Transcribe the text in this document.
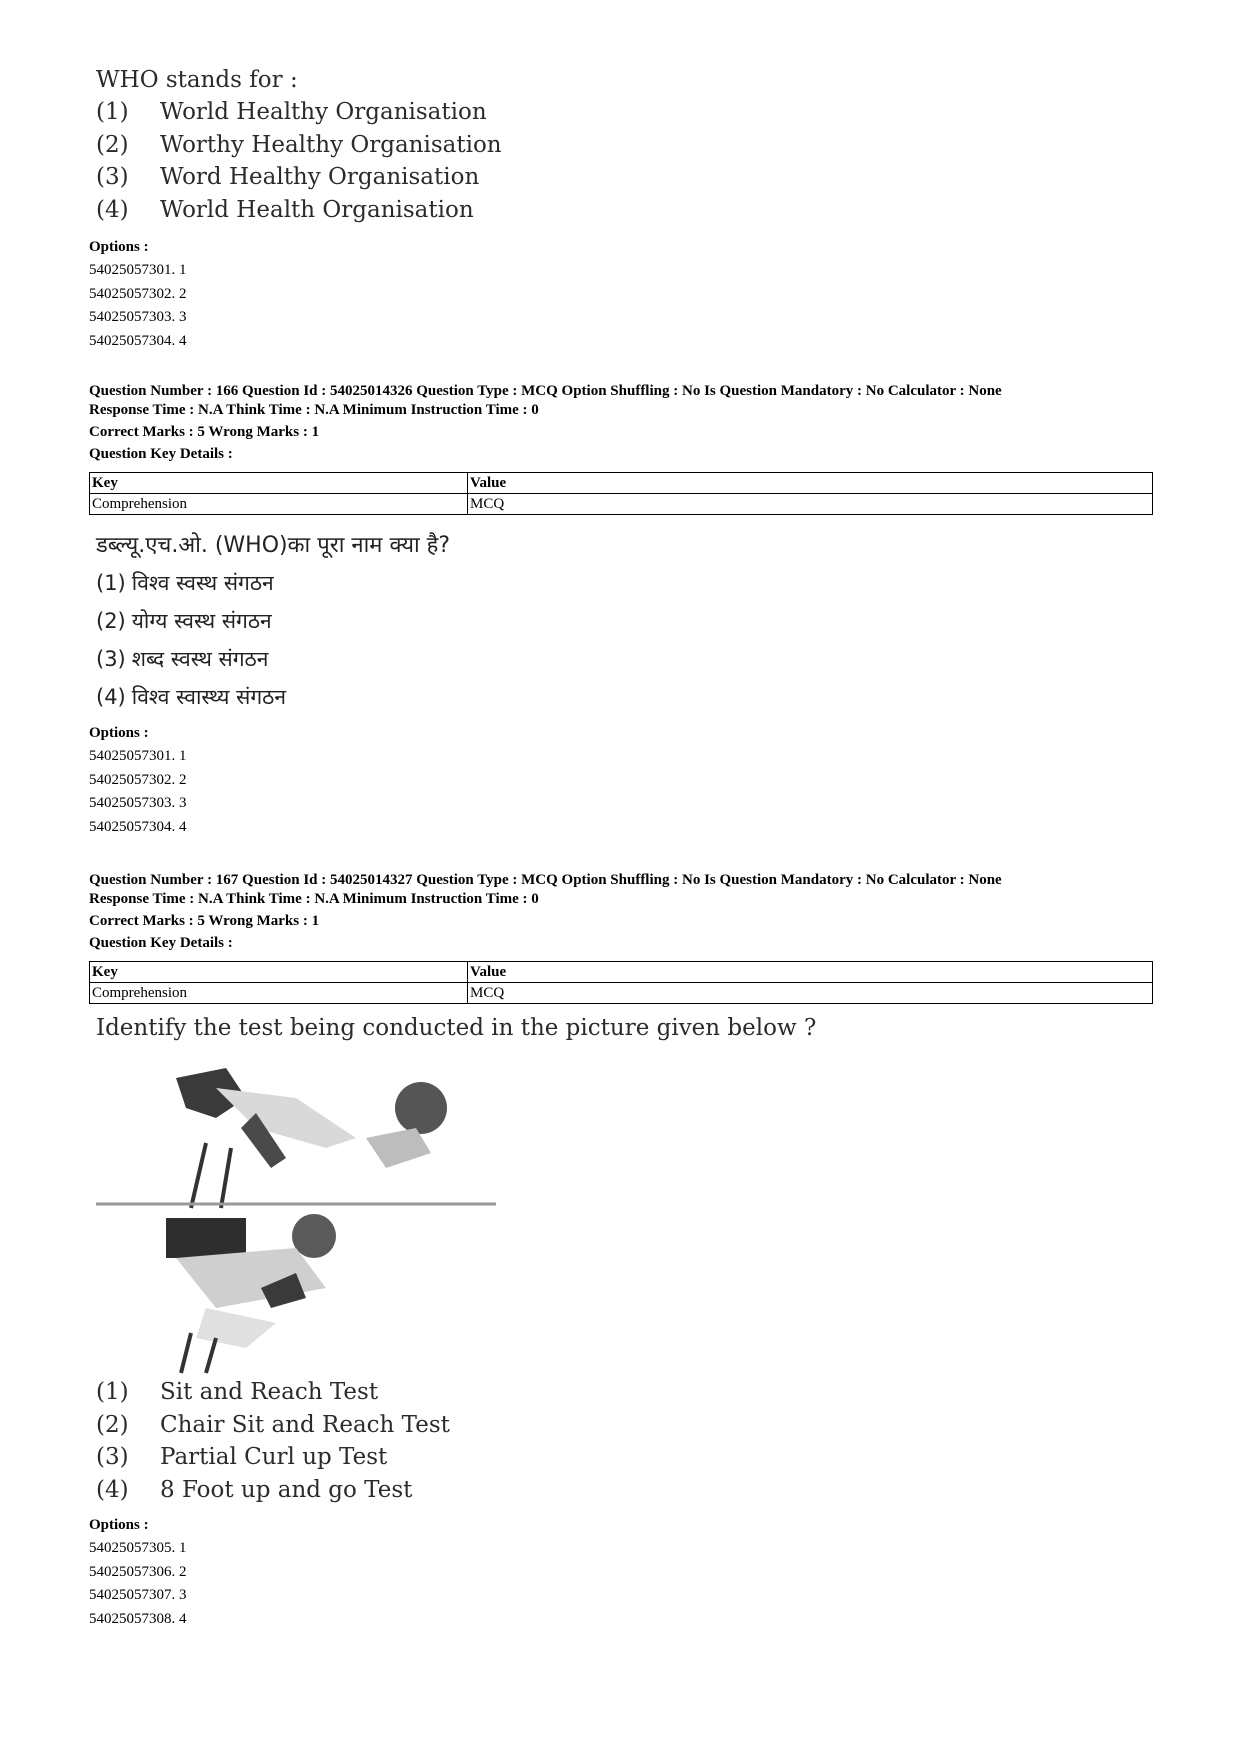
WHO stands for :
(1)	World Healthy Organisation
(2)	Worthy Healthy Organisation
(3)	Word Healthy Organisation
(4)	World Health Organisation
Options :
54025057301. 1
54025057302. 2
54025057303. 3
54025057304. 4
Question Number : 166 Question Id : 54025014326 Question Type : MCQ Option Shuffling : No Is Question Mandatory : No Calculator : None
Response Time : N.A Think Time : N.A Minimum Instruction Time : 0
Correct Marks : 5 Wrong Marks : 1
Question Key Details :
Key	Value
Comprehension	MCQ
डब्ल्यू.एच.ओ. (WHO)का पूरा नाम क्या है?
(1) विश्व स्वस्थ संगठन
(2) योग्य स्वस्थ संगठन
(3) शब्द स्वस्थ संगठन
(4) विश्व स्वास्थ्य संगठन
Options :
54025057301. 1
54025057302. 2
54025057303. 3
54025057304. 4
Question Number : 167 Question Id : 54025014327 Question Type : MCQ Option Shuffling : No Is Question Mandatory : No Calculator : None
Response Time : N.A Think Time : N.A Minimum Instruction Time : 0
Correct Marks : 5 Wrong Marks : 1
Question Key Details :
Key	Value
Comprehension	MCQ
Identify the test being conducted in the picture given below ?
(1)	Sit and Reach Test
(2)	Chair Sit and Reach Test
(3)	Partial Curl up Test
(4)	8 Foot up and go Test
Options :
54025057305. 1
54025057306. 2
54025057307. 3
54025057308. 4
